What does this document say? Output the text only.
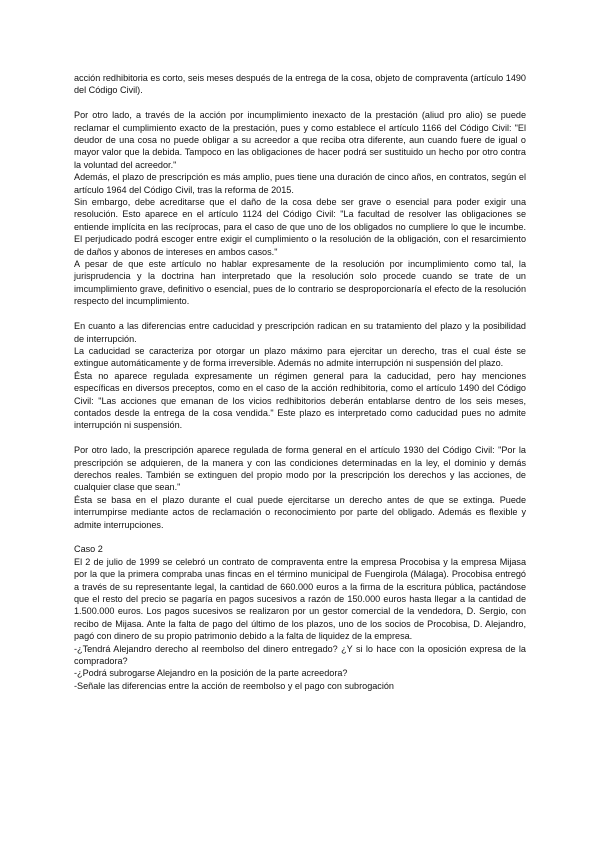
acción redhibitoria es corto, seis meses después de la entrega de la cosa, objeto de compraventa (artículo 1490 del Código Civil).

Por otro lado, a través de la acción por incumplimiento inexacto de la prestación (aliud pro alio) se puede reclamar el cumplimiento exacto de la prestación, pues y como establece el artículo 1166 del Código Civil: "El deudor de una cosa no puede obligar a su acreedor a que reciba otra diferente, aun cuando fuere de igual o mayor valor que la debida. Tampoco en las obligaciones de hacer podrá ser sustituido un hecho por otro contra la voluntad del acreedor."

Además, el plazo de prescripción es más amplio, pues tiene una duración de cinco años, en contratos, según el artículo 1964 del Código Civil, tras la reforma de 2015.

Sin embargo, debe acreditarse que el daño de la cosa debe ser grave o esencial para poder exigir una resolución. Esto aparece en el artículo 1124 del Código Civil: "La facultad de resolver las obligaciones se entiende implícita en las recíprocas, para el caso de que uno de los obligados no cumpliere lo que le incumbe. El perjudicado podrá escoger entre exigir el cumplimiento o la resolución de la obligación, con el resarcimiento de daños y abonos de intereses en ambos casos."

A pesar de que este artículo no hablar expresamente de la resolución por incumplimiento como tal, la jurisprudencia y la doctrina han interpretado que la resolución solo procede cuando se trate de un imcumplimiento grave, definitivo o esencial, pues de lo contrario se desproporcionaría el efecto de la resolución respecto del incumplimiento.

En cuanto a las diferencias entre caducidad y prescripción radican en su tratamiento del plazo y la posibilidad de interrupción.

La caducidad se caracteriza por otorgar un plazo máximo para ejercitar un derecho, tras el cual éste se extingue automáticamente y de forma irreversible. Además no admite interrupción ni suspensión del plazo.

Ésta no aparece regulada expresamente un régimen general para la caducidad, pero hay menciones específicas en diversos preceptos, como en el caso de la acción redhibitoria, como el artículo 1490 del Código Civil: "Las acciones que emanan de los vicios redhibitorios deberán entablarse dentro de los seis meses, contados desde la entrega de la cosa vendida." Este plazo es interpretado como caducidad pues no admite interrupción ni suspensión.

Por otro lado, la prescripción aparece regulada de forma general en el artículo 1930 del Código Civil: "Por la prescripción se adquieren, de la manera y con las condiciones determinadas en la ley, el dominio y demás derechos reales. También se extinguen del propio modo por la prescripción los derechos y las acciones, de cualquier clase que sean."

Ésta se basa en el plazo durante el cual puede ejercitarse un derecho antes de que se extinga. Puede interrumpirse mediante actos de reclamación o reconocimiento por parte del obligado. Además es flexible y admite interrupciones.

Caso 2

El 2 de julio de 1999 se celebró un contrato de compraventa entre la empresa Procobisa y la empresa Mijasa por la que la primera compraba unas fincas en el término municipal de Fuengirola (Málaga). Procobisa entregó a través de su representante legal, la cantidad de 660.000 euros a la firma de la escritura pública, pactándose que el resto del precio se pagaría en pagos sucesivos a razón de 150.000 euros hasta llegar a la cantidad de 1.500.000 euros. Los pagos sucesivos se realizaron por un gestor comercial de la vendedora, D. Sergio, con recibo de Mijasa. Ante la falta de pago del último de los plazos, uno de los socios de Procobisa, D. Alejandro, pagó con dinero de su propio patrimonio debido a la falta de liquidez de la empresa.

-¿Tendrá Alejandro derecho al reembolso del dinero entregado? ¿Y si lo hace con la oposición expresa de la compradora?

-¿Podrá subrogarse Alejandro en la posición de la parte acreedora?

-Señale las diferencias entre la acción de reembolso y el pago con subrogación
